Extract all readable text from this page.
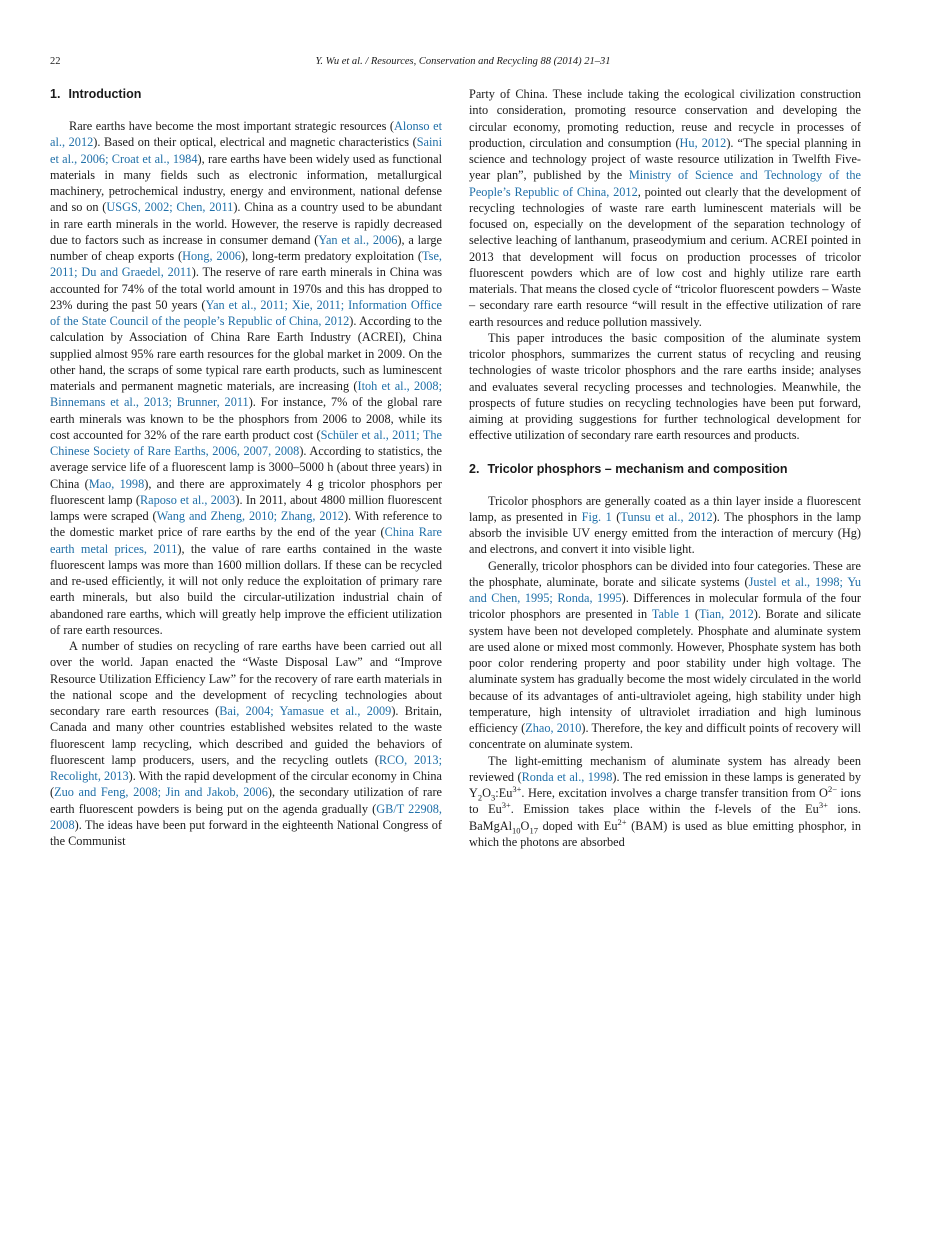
22	Y. Wu et al. / Resources, Conservation and Recycling 88 (2014) 21–31
1. Introduction

Rare earths have become the most important strategic resources (Alonso et al., 2012). Based on their optical, electrical and magnetic characteristics (Saini et al., 2006; Croat et al., 1984), rare earths have been widely used as functional materials in many fields such as electronic information, metallurgical machinery, petrochemical industry, energy and environment, national defense and so on (USGS, 2002; Chen, 2011). China as a country used to be abundant in rare earth minerals in the world. However, the reserve is rapidly decreased due to factors such as increase in consumer demand (Yan et al., 2006), a large number of cheap exports (Hong, 2006), long-term predatory exploitation (Tse, 2011; Du and Graedel, 2011). The reserve of rare earth minerals in China was accounted for 74% of the total world amount in 1970s and this has dropped to 23% during the past 50 years (Yan et al., 2011; Xie, 2011; Information Office of the State Council of the people’s Republic of China, 2012). According to the calculation by Association of China Rare Earth Industry (ACREI), China supplied almost 95% rare earth resources for the global market in 2009. On the other hand, the scraps of some typical rare earth products, such as luminescent materials and permanent magnetic materials, are increasing (Itoh et al., 2008; Binnemans et al., 2013; Brunner, 2011). For instance, 7% of the global rare earth minerals was known to be the phosphors from 2006 to 2008, while its cost accounted for 32% of the rare earth product cost (Schüler et al., 2011; The Chinese Society of Rare Earths, 2006, 2007, 2008). According to statistics, the average service life of a fluorescent lamp is 3000–5000 h (about three years) in China (Mao, 1998), and there are approximately 4 g tricolor phosphors per fluorescent lamp (Raposo et al., 2003). In 2011, about 4800 million fluorescent lamps were scraped (Wang and Zheng, 2010; Zhang, 2012). With reference to the domestic market price of rare earths by the end of the year (China Rare earth metal prices, 2011), the value of rare earths contained in the waste fluorescent lamps was more than 1600 million dollars. If these can be recycled and re-used efficiently, it will not only reduce the exploitation of primary rare earth minerals, but also build the circular-utilization industrial chain of abandoned rare earths, which will greatly help improve the efficient utilization of rare earth resources.

A number of studies on recycling of rare earths have been carried out all over the world. Japan enacted the “Waste Disposal Law” and “Improve Resource Utilization Efficiency Law” for the recovery of rare earth materials in the national scope and the development of recycling technologies about secondary rare earth resources (Bai, 2004; Yamasue et al., 2009). Britain, Canada and many other countries established websites related to the waste fluorescent lamp recycling, which described and guided the behaviors of fluorescent lamp producers, users, and the recycling outlets (RCO, 2013; Recolight, 2013). With the rapid development of the circular economy in China (Zuo and Feng, 2008; Jin and Jakob, 2006), the secondary utilization of rare earth fluorescent powders is being put on the agenda gradually (GB/T 22908, 2008). The ideas have been put forward in the eighteenth National Congress of the Communist

Party of China. These include taking the ecological civilization construction into consideration, promoting resource conservation and developing the circular economy, promoting reduction, reuse and recycle in processes of production, circulation and consumption (Hu, 2012). “The special planning in science and technology project of waste resource utilization in Twelfth Five-year plan”, published by the Ministry of Science and Technology of the People’s Republic of China, 2012, pointed out clearly that the development of recycling technologies of waste rare earth luminescent materials will be focused on, especially on the development of the separation technology of selective leaching of lanthanum, praseodymium and cerium. ACREI pointed in 2013 that development will focus on production processes of tricolor fluorescent powders which are of low cost and highly utilize rare earth materials. That means the closed cycle of “tricolor fluorescent powders – Waste – secondary rare earth resource “will result in the effective utilization of rare earth resources and reduce pollution massively.

This paper introduces the basic composition of the aluminate system tricolor phosphors, summarizes the current status of recycling and reusing technologies of waste tricolor phosphors and the rare earths inside; analyses and evaluates several recycling processes and technologies. Meanwhile, the prospects of future studies on recycling technologies have been put forward, aiming at providing suggestions for further technological development for effective utilization of secondary rare earth resources and products.

2. Tricolor phosphors – mechanism and composition

Tricolor phosphors are generally coated as a thin layer inside a fluorescent lamp, as presented in Fig. 1 (Tunsu et al., 2012). The phosphors in the lamp absorb the invisible UV energy emitted from the interaction of mercury (Hg) and electrons, and convert it into visible light.

Generally, tricolor phosphors can be divided into four categories. These are the phosphate, aluminate, borate and silicate systems (Justel et al., 1998; Yu and Chen, 1995; Ronda, 1995). Differences in molecular formula of the four tricolor phosphors are presented in Table 1 (Tian, 2012). Borate and silicate system have been not developed completely. Phosphate and aluminate system are used alone or mixed most commonly. However, Phosphate system has both poor color rendering property and poor stability under high voltage. The aluminate system has gradually become the most widely circulated in the world because of its advantages of anti-ultraviolet ageing, high stability under high temperature, high intensity of ultraviolet irradiation and high luminous efficiency (Zhao, 2010). Therefore, the key and difficult points of recovery will concentrate on aluminate system.

The light-emitting mechanism of aluminate system has already been reviewed (Ronda et al., 1998). The red emission in these lamps is generated by $Y_2O_3:Eu^{3+}$. Here, excitation involves a charge transfer transition from $O^{2-}$ ions to $Eu^{3+}$. Emission takes place within the f-levels of the $Eu^{3+}$ ions. $BaMgAl_{10}O_{17}$ doped with $Eu^{2+}$ (BAM) is used as blue emitting phosphor, in which the photons are absorbed
